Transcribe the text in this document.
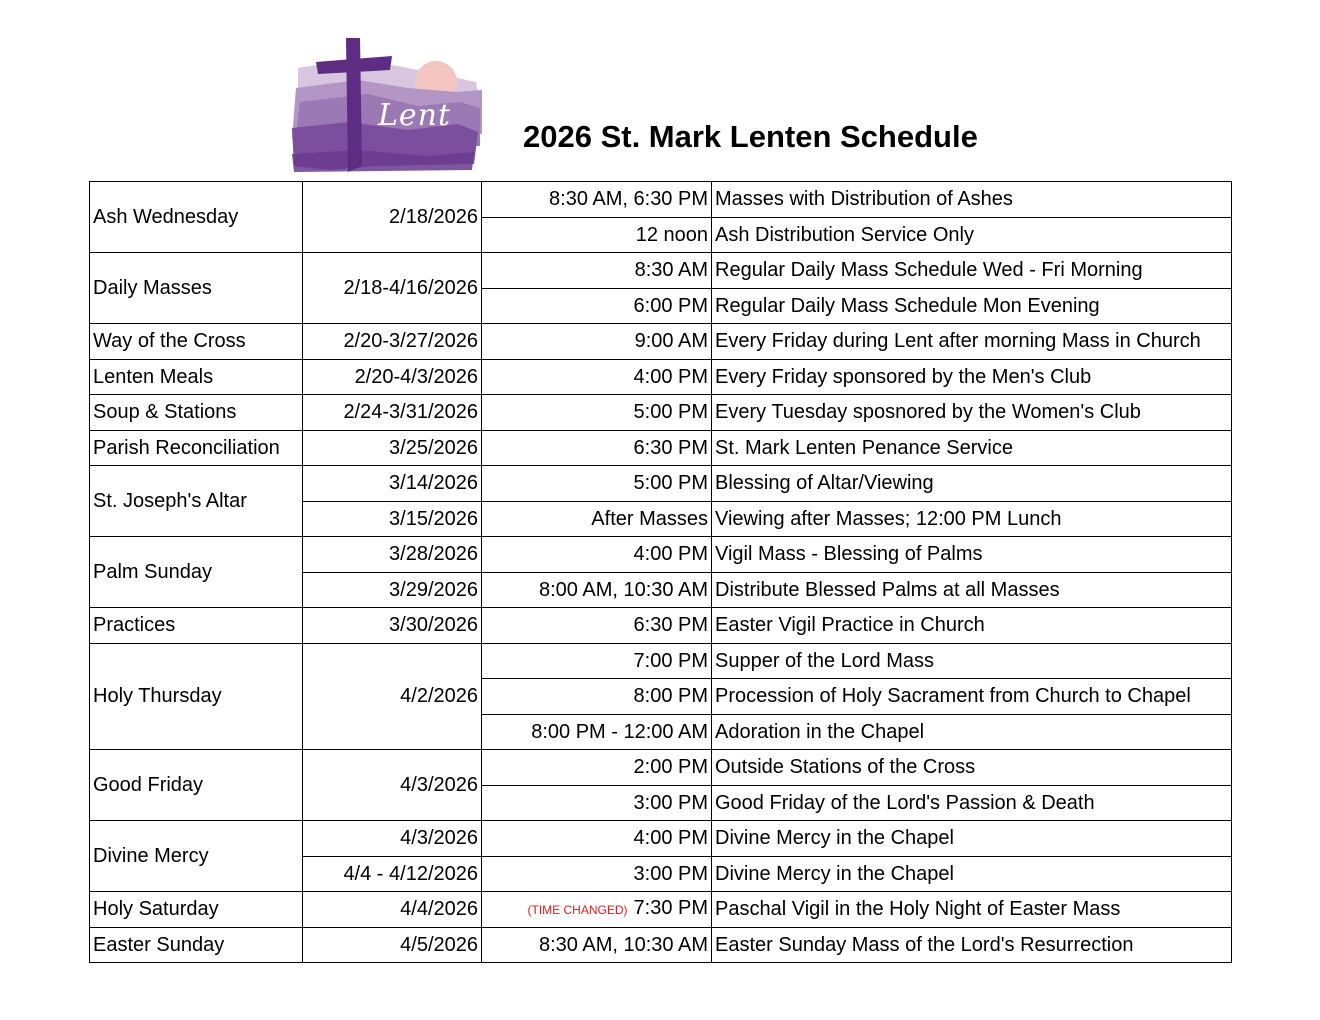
Lent
2026 St. Mark Lenten Schedule
Ash Wednesday	2/18/2026	8:30 AM, 6:30 PM	Masses with Distribution of Ashes
		12 noon	Ash Distribution Service Only
Daily Masses	2/18-4/16/2026	8:30 AM	Regular Daily Mass Schedule Wed - Fri Morning
		6:00 PM	Regular Daily Mass Schedule Mon Evening
Way of the Cross	2/20-3/27/2026	9:00 AM	Every Friday during Lent after morning Mass in Church
Lenten Meals	2/20-4/3/2026	4:00 PM	Every Friday sponsored by the Men's Club
Soup & Stations	2/24-3/31/2026	5:00 PM	Every Tuesday sposnored by the Women's Club
Parish Reconciliation	3/25/2026	6:30 PM	St. Mark Lenten Penance Service
St. Joseph's Altar	3/14/2026	5:00 PM	Blessing of Altar/Viewing
	3/15/2026	After Masses	Viewing after Masses; 12:00 PM Lunch
Palm Sunday	3/28/2026	4:00 PM	Vigil Mass - Blessing of Palms
	3/29/2026	8:00 AM, 10:30 AM	Distribute Blessed Palms at all Masses
Practices	3/30/2026	6:30 PM	Easter Vigil Practice in Church
Holy Thursday	4/2/2026	7:00 PM	Supper of the Lord Mass
		8:00 PM	Procession of Holy Sacrament from Church to Chapel
		8:00 PM - 12:00 AM	Adoration in the Chapel
Good Friday	4/3/2026	2:00 PM	Outside Stations of the Cross
		3:00 PM	Good Friday of the Lord's Passion & Death
Divine Mercy	4/3/2026	4:00 PM	Divine Mercy in the Chapel
	4/4 - 4/12/2026	3:00 PM	Divine Mercy in the Chapel
Holy Saturday	4/4/2026	(TIME CHANGED) 7:30 PM	Paschal Vigil in the Holy Night of Easter Mass
Easter Sunday	4/5/2026	8:30 AM, 10:30 AM	Easter Sunday Mass of the Lord's Resurrection
